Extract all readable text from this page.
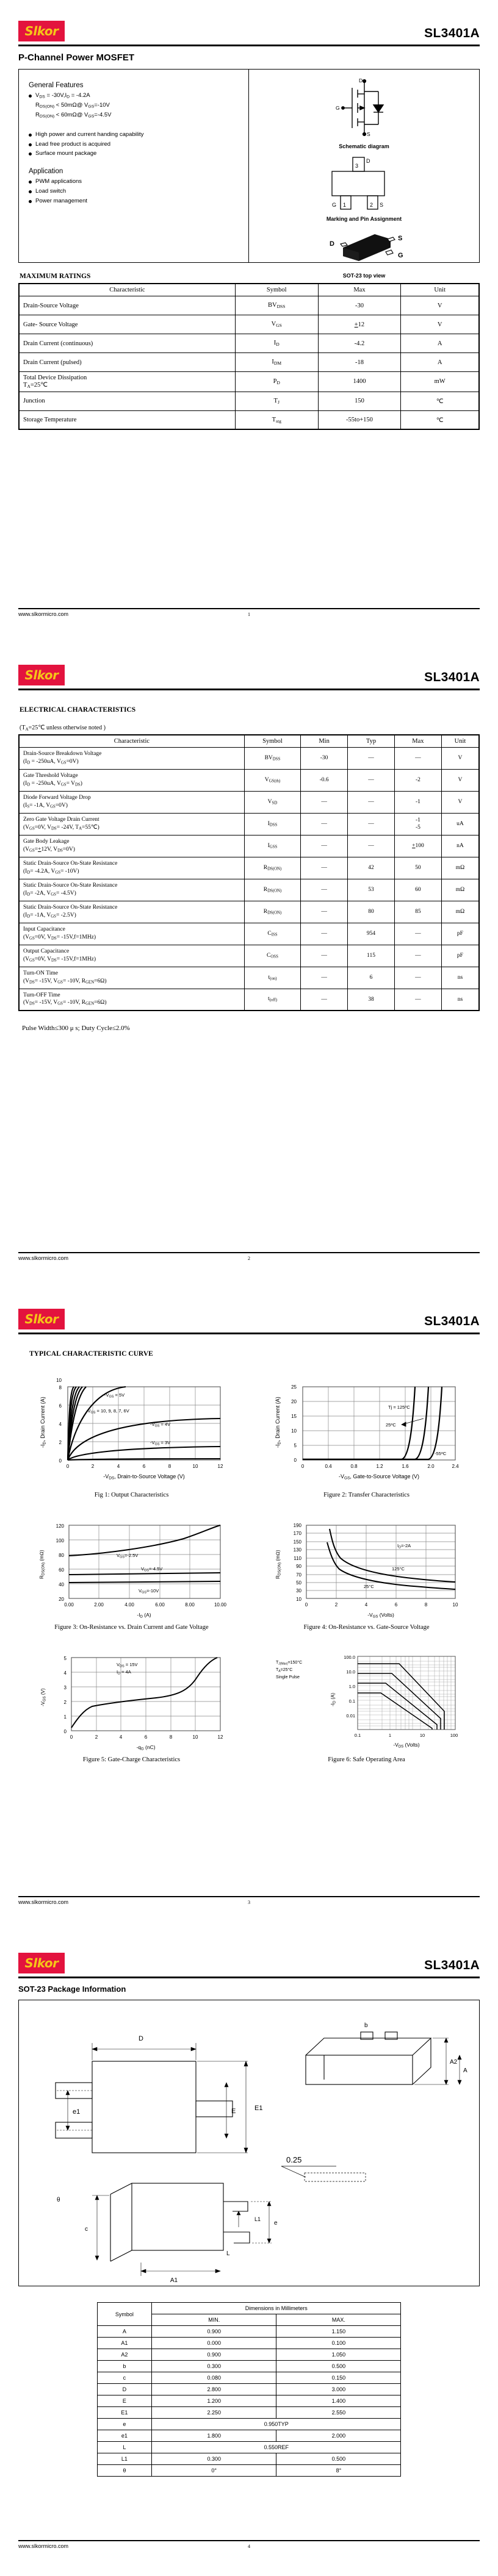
Slkor	SL3401A
P-Channel Power MOSFET
General Features
$V_{DS} = -30V,I_D = -4.2A$
$R_{DS(ON)}$ < 50mΩ@ $V_{GS}=-10V$
$R_{DS(ON)}$ < 60mΩ@ $V_{GS}=-4.5V$
High power and current handing capability
Lead free product is acquired
Surface mount package
Application
PWM applications
Load switch
Power management
D
G
S
Schematic diagram
3
D
1	2
G	S
Marking and Pin Assignment
D
S
G
SOT-23 top view
MAXIMUM RATINGS
Characteristic	Symbol	Max	Unit
Drain-Source Voltage	$BV_{DSS}$	-30	V
Gate- Source Voltage	$V_{GS}$	+12	V
Drain Current (continuous)	$I_D$	-4.2	A
Drain Current (pulsed)	$I_{DM}$	-18	A
Total Device Dissipation
$T_A=25℃$	$P_D$	1400	mW
Junction	$T_J$	150	℃
Storage Temperature	$T_{stg}$	-55to+150	℃
www.slkormicro.com	1
Slkor	SL3401A
ELECTRICAL CHARACTERISTICS
($T_A=25℃$ unless otherwise noted )
Characteristic	Symbol	Min	Typ	Max	Unit
Drain-Source Breakdown Voltage
($I_D = -250uA$, $V_{GS}=0V$)	$BV_{DSS}$	-30	—	—	V
Gate Threshold Voltage
($I_D = -250uA$, $V_{GS}= V_{DS}$)	$V_{GS(th)}$	-0.6	—	-2	V
Diode Forward Voltage Drop
($I_S= -1A$, $V_{GS}=0V$)	$V_{SD}$	—	—	-1	V
Zero Gate Voltage Drain Current
($V_{GS}=0V$, $V_{DS}= -24V$, $T_A=55℃$)	$I_{DSS}$	—	—	-1
-5	uA
Gate Body Leakage
($V_{GS}=+12V$, $V_{DS}=0V$)	$I_{GSS}$	—	—	+100	nA
Static Drain-Source On-State Resistance
($I_D= -4.2A$, $V_{GS}= -10V$)	$R_{DS(ON)}$	—	42	50	mΩ
Static Drain-Source On-State Resistance
($I_D= -2A$, $V_{GS}= -4.5V$)	$R_{DS(ON)}$	—	53	60	mΩ
Static Drain-Source On-State Resistance
($I_D= -1A$, $V_{GS}= -2.5V$)	$R_{DS(ON)}$	—	80	85	mΩ
Input Capacitance
($V_{GS}=0V$, $V_{DS}= -15V,f=1MHz$)	$C_{ISS}$	—	954	—	pF
Output Capacitance
($V_{GS}=0V$, $V_{DS}= -15V,f=1MHz$)	$C_{OSS}$	—	115	—	pF
Turn-ON Time
($V_{DS}= -15V$, $V_{GS}= -10V$, $R_{GEN}=6\Omega$)	$t_{(on)}$	—	6	—	ns
Turn-OFF Time
($V_{DS}= -15V$, $V_{GS}= -10V$, $R_{GEN}=6\Omega$)	$t_{(off)}$	—	38	—	ns
Pulse Width≤300 μ s; Duty Cycle≤2.0%
www.slkormicro.com	2
Slkor	SL3401A
TYPICAL CHARACTERISTIC CURVE
0
2
4
6
8
10
0	2	4	6	8	10	12
$-V_{GS} = 5V$
$-V_{GS} = 10$, 9, 8, 7, 6V
$-V_{GS} = 4V$
$-V_{GS} = 3V$
-ID, Drain Current (A)
-VDS, Drain-to-Source Voltage (V)
Fig 1: Output Characteristics
0
5
10
15
20
25
0	0.4	0.8	1.2	1.6	2.0	2.4
$Tj = 125^oC$
25$^o$C
-55$^o$C
-ID, Drain Current (A)
-VGS, Gate-to-Source Voltage (V)
Figure 2: Transfer Characteristics
20
40
60
80
100
120
0.00	2.00	4.00	6.00	8.00	10.00
$V_{GS}=-2.5V$
$V_{GS}=-4.5V$
$V_{GS}=-10V$
RDS(ON) (mΩ)
-ID (A)
Figure 3: On-Resistance vs. Drain Current and Gate Voltage
10
30
50
70
90
110
130
150
170
190
0	2	4	6	8	10
$I_D=-2A$
125°C
25°C
RDS(ON) (mΩ)
-VGS (Volts)
Figure 4: On-Resistance vs. Gate-Source Voltage
0
1
2
3
4
5
0	2	4	6	8	10	12
$V_{DS} = 15V$
$I_D = 4A$
-VGS (V)
-qG (nC)
Figure 5: Gate-Charge Characteristics
100.0
10.0
1.0
0.1
0.01
0.1	1	10	100
$T_{J(Max)}=150^\circ C$
$T_A=25^\circ C$
Single Pulse
-ID (A)
-VDS (Volts)
Figure 6: Safe Operating Area
www.slkormicro.com	3
Slkor	SL3401A
SOT-23 Package Information
D
E1
E
e1
A2
A
b
0.25
e
L1
L
c
A1
θ
Symbol	Dimensions in Millimeters	
	MIN.	MAX.
A	0.900	1.150
A1	0.000	0.100
A2	0.900	1.050
b	0.300	0.500
c	0.080	0.150
D	2.800	3.000
E	1.200	1.400
E1	2.250	2.550
e	0.950TYP	
e1	1.800	2.000
L	0.550REF	
L1	0.300	0.500
θ	0°	8°
www.slkormicro.com	4
